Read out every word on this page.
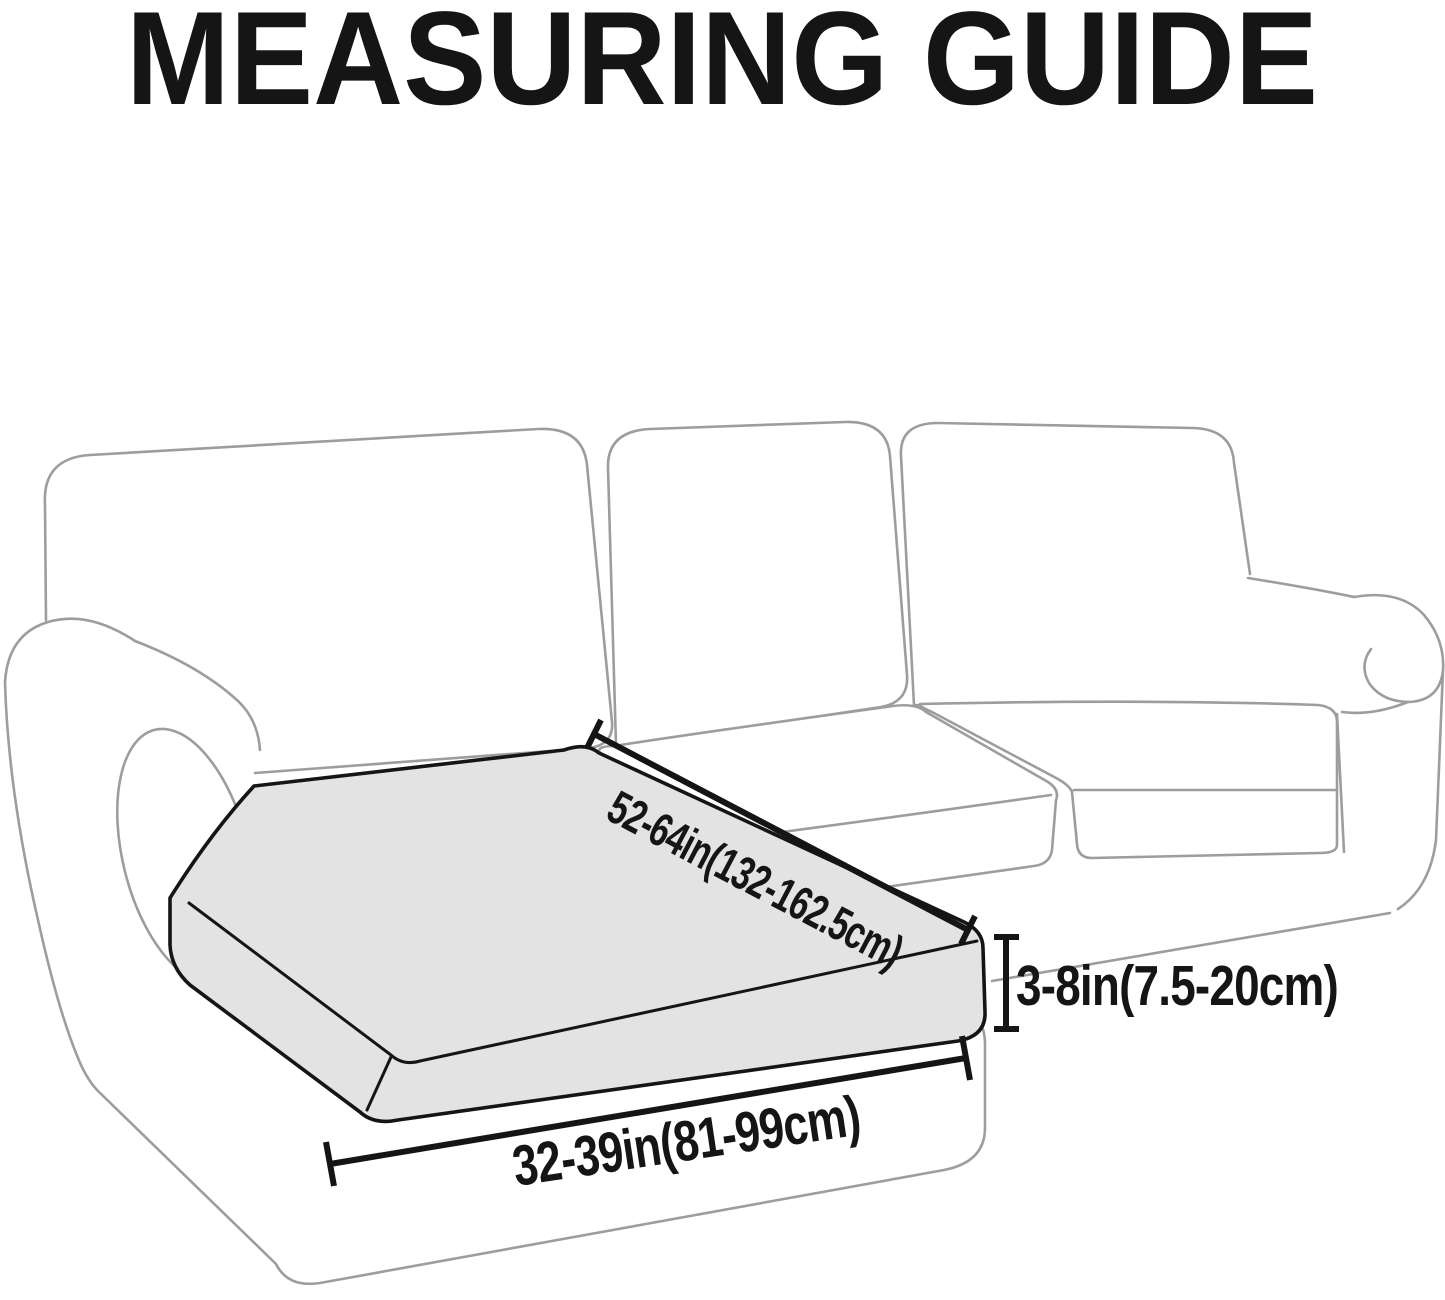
MEASURING GUIDE
52-64in(132-162.5cm)
3-8in(7.5-20cm)
32-39in(81-99cm)
